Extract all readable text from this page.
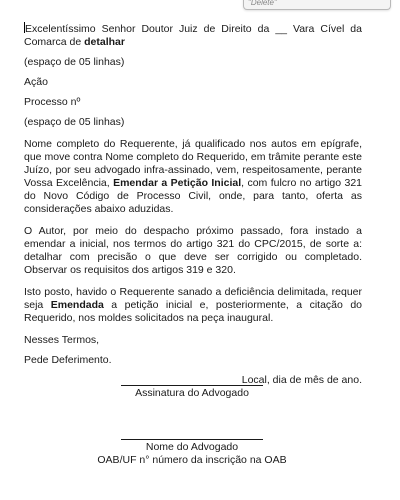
"Delete"

Excelentíssimo Senhor Doutor Juiz de Direito da __ Vara Cível da Comarca de detalhar

(espaço de 05 linhas)

Ação

Processo nº

(espaço de 05 linhas)

Nome completo do Requerente, já qualificado nos autos em epígrafe, que move contra Nome completo do Requerido, em trâmite perante este Juízo, por seu advogado infra-assinado, vem, respeitosamente, perante Vossa Excelência, Emendar a Petição Inicial, com fulcro no artigo 321 do Novo Código de Processo Civil, onde, para tanto, oferta as considerações abaixo aduzidas.

O Autor, por meio do despacho próximo passado, fora instado a emendar a inicial, nos termos do artigo 321 do CPC/2015, de sorte a: detalhar com precisão o que deve ser corrigido ou completado. Observar os requisitos dos artigos 319 e 320.

Isto posto, havido o Requerente sanado a deficiência delimitada, requer seja Emendada a petição inicial e, posteriormente, a citação do Requerido, nos moldes solicitados na peça inaugural.

Nesses Termos,

Pede Deferimento.

Local, dia de mês de ano.

Assinatura do Advogado
Nome do Advogado
OAB/UF n° número da inscrição na OAB
